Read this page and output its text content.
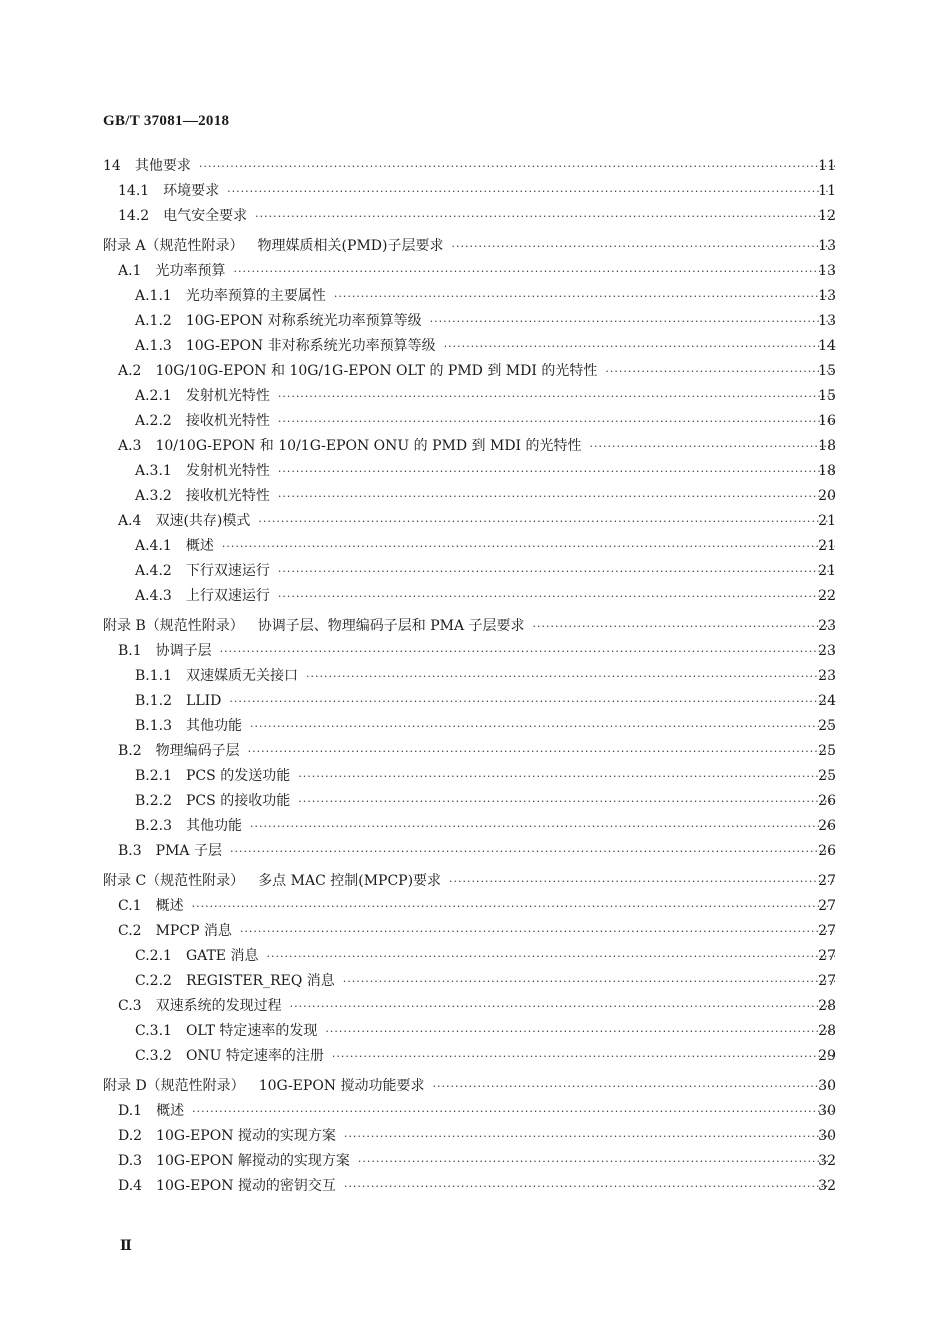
GB/T 37081—2018
14 其他要求 ·····	11
14.1 环境要求 ·····	11
14.2 电气安全要求 ·····	12
附录 A（规范性附录） 物理媒质相关(PMD)子层要求 ·····	13
A.1 光功率预算 ·····	13
A.1.1 光功率预算的主要属性 ·····	13
A.1.2 10G-EPON 对称系统光功率预算等级 ·····	13
A.1.3 10G-EPON 非对称系统光功率预算等级 ·····	14
A.2 10G/10G-EPON 和 10G/1G-EPON OLT 的 PMD 到 MDI 的光特性 ·····	15
A.2.1 发射机光特性 ·····	15
A.2.2 接收机光特性 ·····	16
A.3 10/10G-EPON 和 10/1G-EPON ONU 的 PMD 到 MDI 的光特性 ·····	18
A.3.1 发射机光特性 ·····	18
A.3.2 接收机光特性 ·····	20
A.4 双速(共存)模式 ·····	21
A.4.1 概述 ·····	21
A.4.2 下行双速运行 ·····	21
A.4.3 上行双速运行 ·····	22
附录 B（规范性附录） 协调子层、物理编码子层和 PMA 子层要求 ·····	23
B.1 协调子层 ·····	23
B.1.1 双速媒质无关接口 ·····	23
B.1.2 LLID ·····	24
B.1.3 其他功能 ·····	25
B.2 物理编码子层 ·····	25
B.2.1 PCS 的发送功能 ·····	25
B.2.2 PCS 的接收功能 ·····	26
B.2.3 其他功能 ·····	26
B.3 PMA 子层 ·····	26
附录 C（规范性附录） 多点 MAC 控制(MPCP)要求 ·····	27
C.1 概述 ·····	27
C.2 MPCP 消息 ·····	27
C.2.1 GATE 消息 ·····	27
C.2.2 REGISTER_REQ 消息 ·····	27
C.3 双速系统的发现过程 ·····	28
C.3.1 OLT 特定速率的发现 ·····	28
C.3.2 ONU 特定速率的注册 ·····	29
附录 D（规范性附录） 10G-EPON 搅动功能要求 ·····	30
D.1 概述 ·····	30
D.2 10G-EPON 搅动的实现方案 ·····	30
D.3 10G-EPON 解搅动的实现方案 ·····	32
D.4 10G-EPON 搅动的密钥交互 ·····	32
Ⅱ
